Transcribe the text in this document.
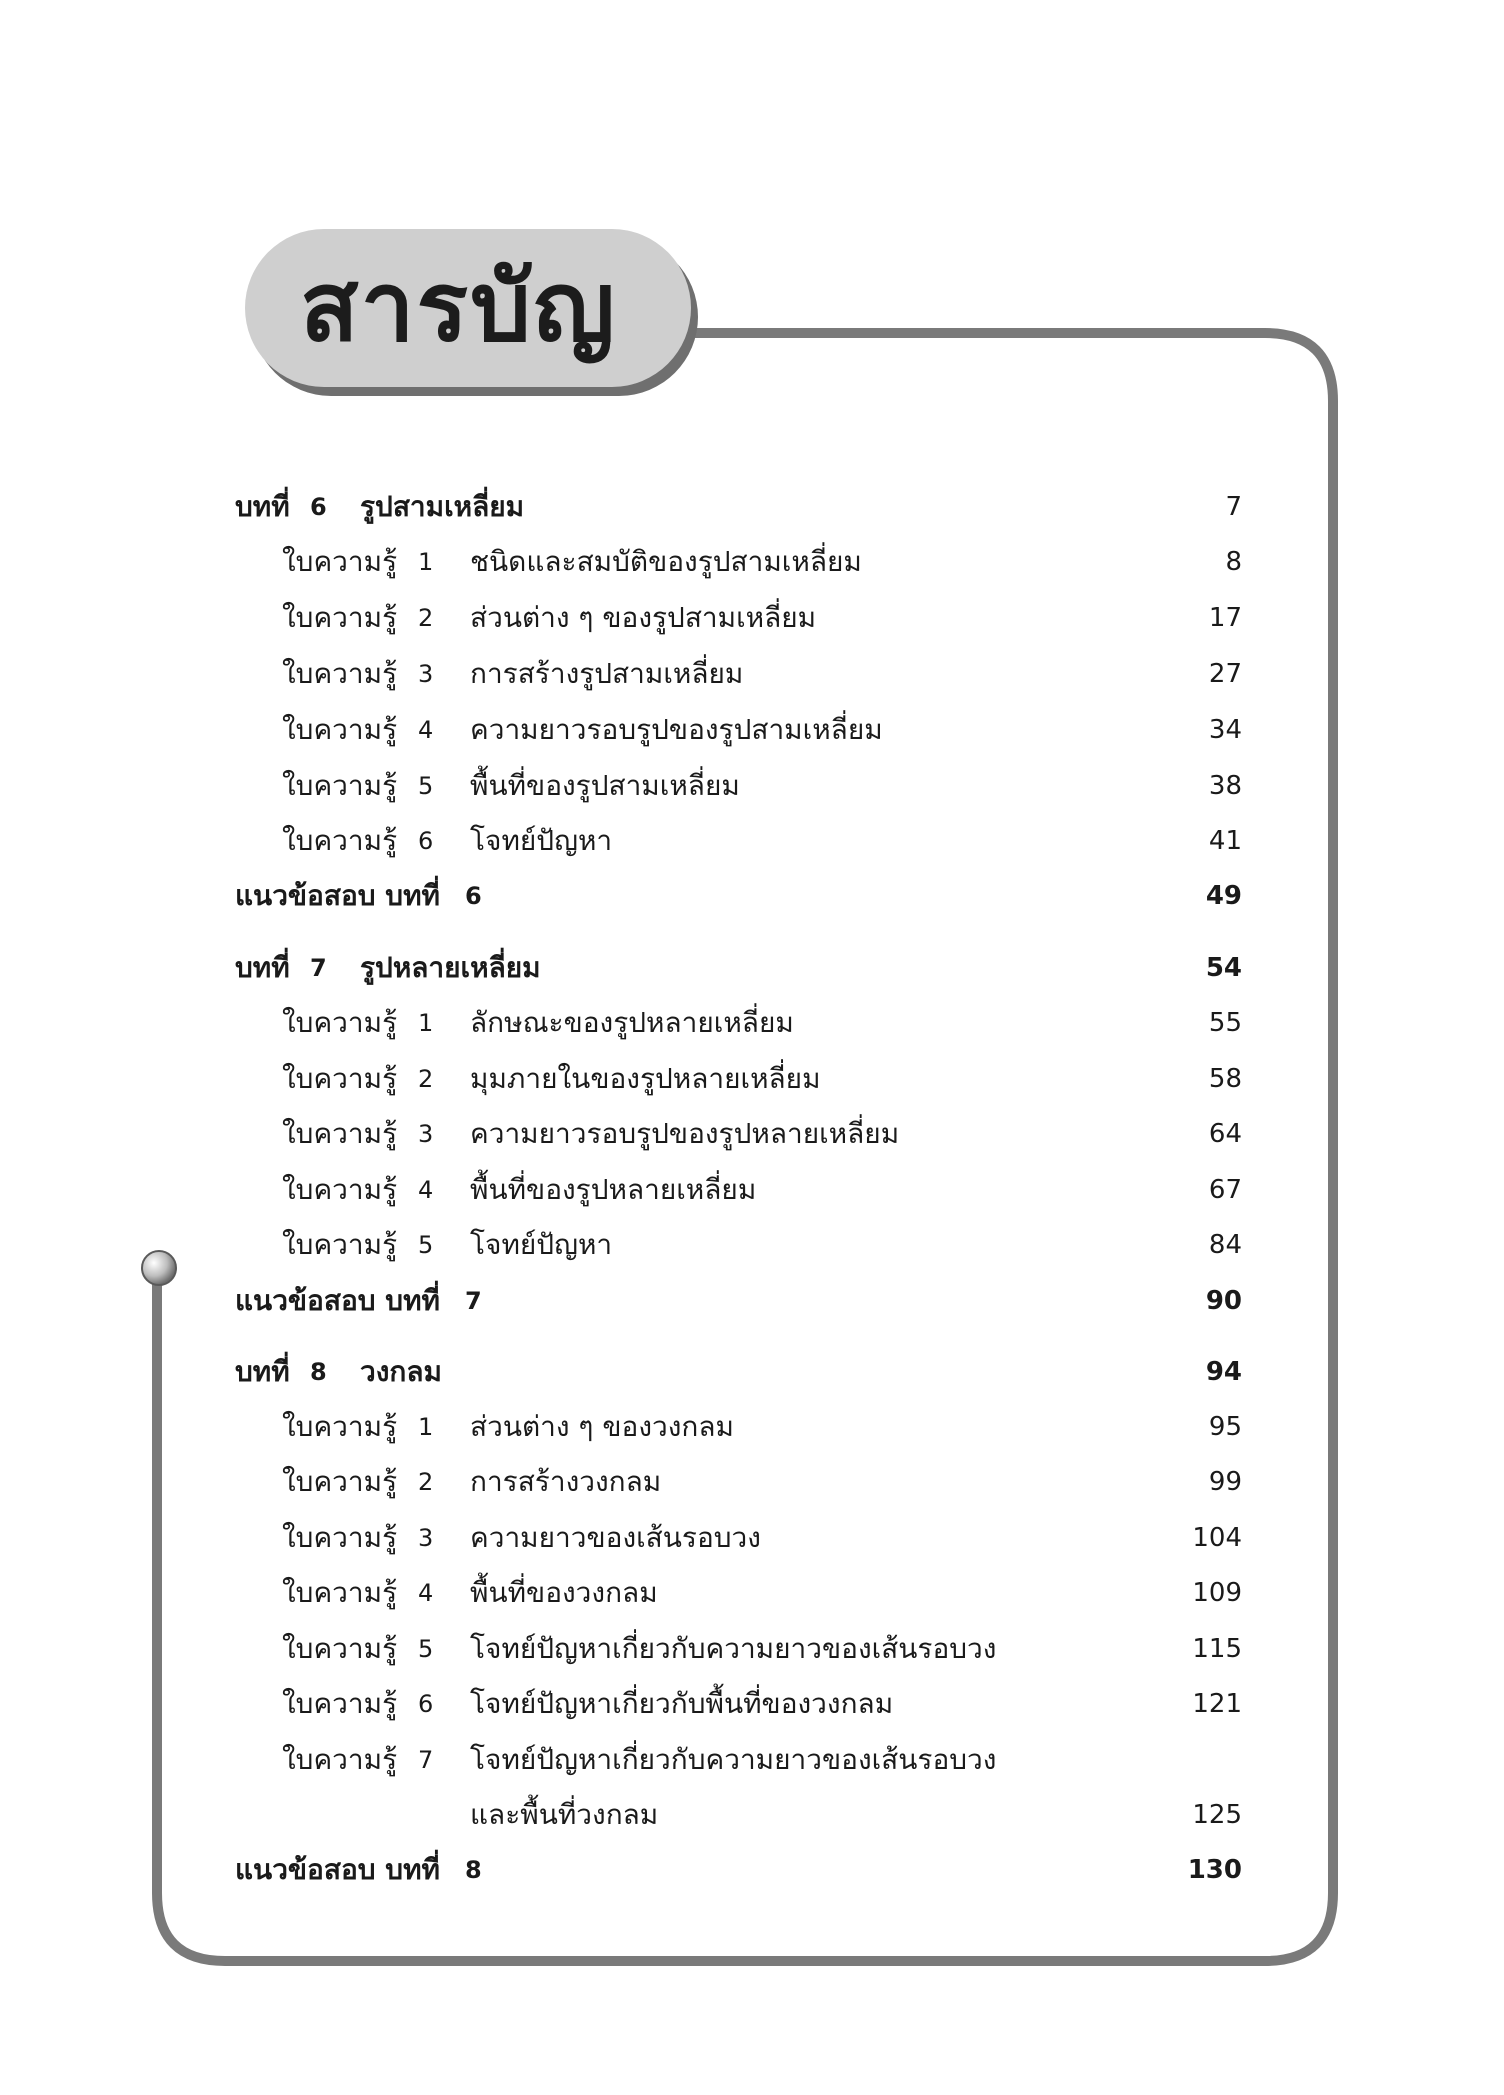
สารบัญ
บทที่ 6 รูปสามเหลี่ยม	7
ใบความรู้ 1 ชนิดและสมบัติของรูปสามเหลี่ยม	8
ใบความรู้ 2 ส่วนต่าง ๆ ของรูปสามเหลี่ยม	17
ใบความรู้ 3 การสร้างรูปสามเหลี่ยม	27
ใบความรู้ 4 ความยาวรอบรูปของรูปสามเหลี่ยม	34
ใบความรู้ 5 พื้นที่ของรูปสามเหลี่ยม	38
ใบความรู้ 6 โจทย์ปัญหา	41
แนวข้อสอบ บทที่ 6	49
บทที่ 7 รูปหลายเหลี่ยม	54
ใบความรู้ 1 ลักษณะของรูปหลายเหลี่ยม	55
ใบความรู้ 2 มุมภายในของรูปหลายเหลี่ยม	58
ใบความรู้ 3 ความยาวรอบรูปของรูปหลายเหลี่ยม	64
ใบความรู้ 4 พื้นที่ของรูปหลายเหลี่ยม	67
ใบความรู้ 5 โจทย์ปัญหา	84
แนวข้อสอบ บทที่ 7	90
บทที่ 8 วงกลม	94
ใบความรู้ 1 ส่วนต่าง ๆ ของวงกลม	95
ใบความรู้ 2 การสร้างวงกลม	99
ใบความรู้ 3 ความยาวของเส้นรอบวง	104
ใบความรู้ 4 พื้นที่ของวงกลม	109
ใบความรู้ 5 โจทย์ปัญหาเกี่ยวกับความยาวของเส้นรอบวง	115
ใบความรู้ 6 โจทย์ปัญหาเกี่ยวกับพื้นที่ของวงกลม	121
ใบความรู้ 7 โจทย์ปัญหาเกี่ยวกับความยาวของเส้นรอบวง
และพื้นที่วงกลม	125
แนวข้อสอบ บทที่ 8	130
